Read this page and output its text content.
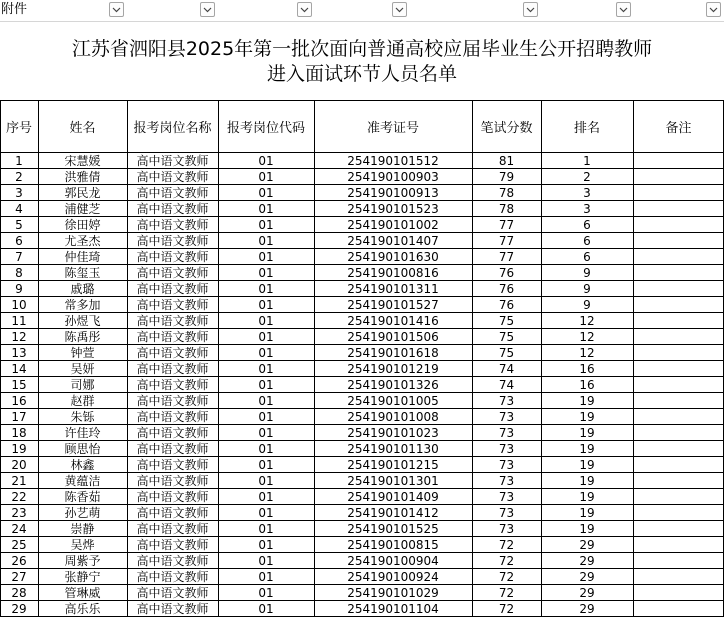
附件
江苏省泗阳县2025年第一批次面向普通高校应届毕业生公开招聘教师
进入面试环节人员名单
序号	姓名	报考岗位名称	报考岗位代码	准考证号	笔试分数	排名	备注
1	宋慧媛	高中语文教师	01	254190101512	81	1
2	洪雅倩	高中语文教师	01	254190100903	79	2
3	郭民龙	高中语文教师	01	254190100913	78	3
4	浦健芝	高中语文教师	01	254190101523	78	3
5	徐田婷	高中语文教师	01	254190101002	77	6
6	尤圣杰	高中语文教师	01	254190101407	77	6
7	仲佳琦	高中语文教师	01	254190101630	77	6
8	陈玺玉	高中语文教师	01	254190100816	76	9
9	戚璐	高中语文教师	01	254190101311	76	9
10	常多加	高中语文教师	01	254190101527	76	9
11	孙煜飞	高中语文教师	01	254190101416	75	12
12	陈禹彤	高中语文教师	01	254190101506	75	12
13	钟萱	高中语文教师	01	254190101618	75	12
14	吴妍	高中语文教师	01	254190101219	74	16
15	司娜	高中语文教师	01	254190101326	74	16
16	赵群	高中语文教师	01	254190101005	73	19
17	朱铄	高中语文教师	01	254190101008	73	19
18	许佳玲	高中语文教师	01	254190101023	73	19
19	顾思怡	高中语文教师	01	254190101130	73	19
20	林鑫	高中语文教师	01	254190101215	73	19
21	黄蕴洁	高中语文教师	01	254190101301	73	19
22	陈香茹	高中语文教师	01	254190101409	73	19
23	孙艺萌	高中语文教师	01	254190101412	73	19
24	崇静	高中语文教师	01	254190101525	73	19
25	吴烨	高中语文教师	01	254190100815	72	29
26	周紫予	高中语文教师	01	254190100904	72	29
27	张静宁	高中语文教师	01	254190100924	72	29
28	管琳威	高中语文教师	01	254190101029	72	29
29	高乐乐	高中语文教师	01	254190101104	72	29
